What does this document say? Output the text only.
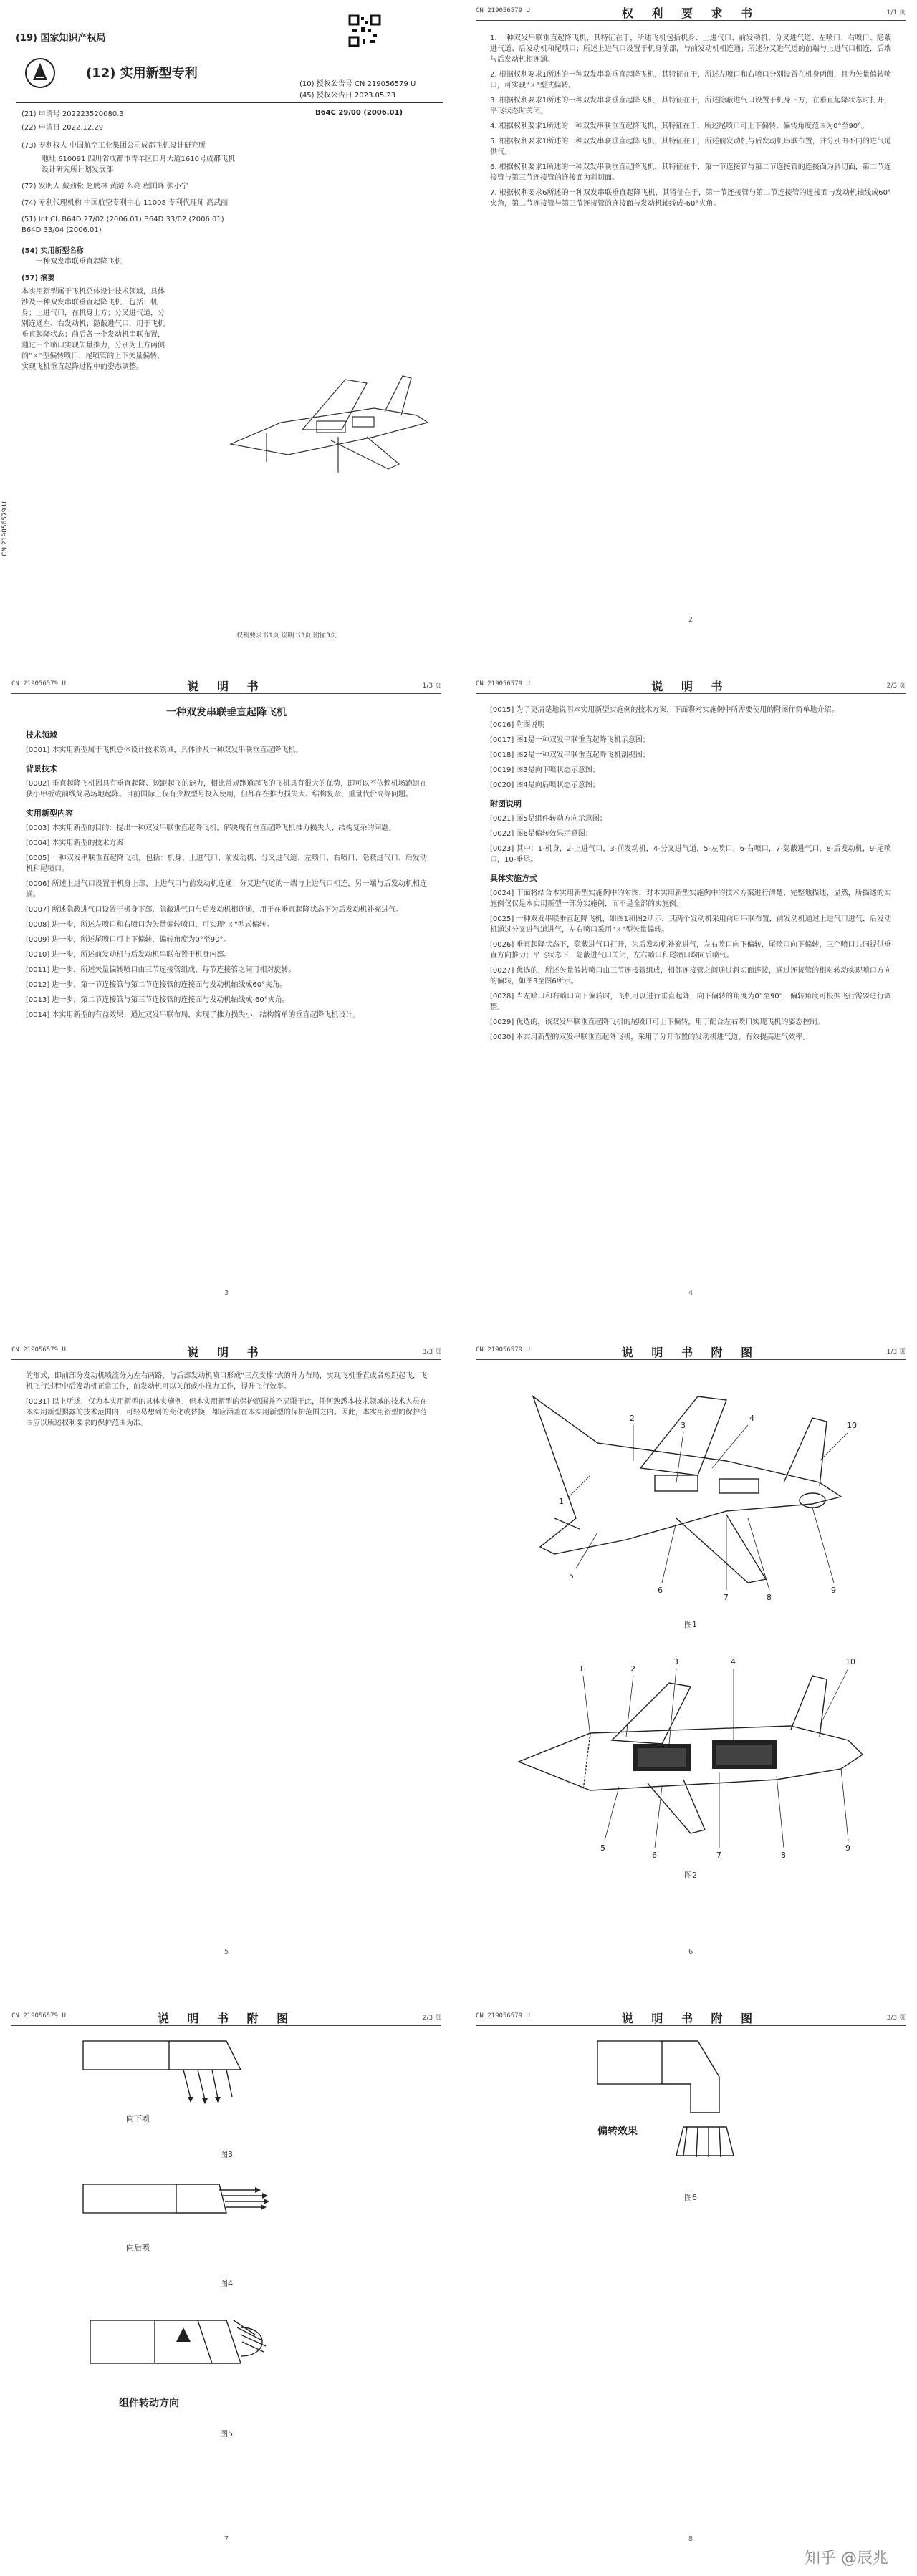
(19) 国家知识产权局
(12) 实用新型专利
(10) 授权公告号 CN 219056579 U
(45) 授权公告日 2023.05.23
B64C 29/00 (2006.01)
(21) 申请号 202223520080.3
(22) 申请日 2022.12.29
(73) 专利权人 中国航空工业集团公司成都飞机设计研究所
地址 610091 四川省成都市青羊区日月大道1610号成都飞机设计研究所计划发展部
(72) 发明人 戴劲松 赵鹏林 黄游 么亮 程国峰 张小宁
(74) 专利代理机构 中国航空专利中心 11008 专利代理师 高武丽
(51) Int.Cl. B64D 27/02 (2006.01) B64D 33/02 (2006.01) B64D 33/04 (2006.01)
(54) 实用新型名称
一种双发串联垂直起降飞机
(57) 摘要
本实用新型属于飞机总体设计技术领域，具体涉及一种双发串联垂直起降飞机，包括：机身；上进气口，在机身上方；分叉进气道，分别连通左、右发动机；隐蔽进气口，用于飞机垂直起降状态；前后各一个发动机串联布置，通过三个喷口实现矢量推力，分别为上方两侧的"ㄨ"型偏转喷口、尾喷管的上下矢量偏转，实现飞机垂直起降过程中的姿态调整。
权利要求书1页 说明书3页 附图3页
CN 219056579 U
CN 219056579 U	权 利 要 求 书	1/1 页

1. 一种双发串联垂直起降飞机，其特征在于，所述飞机包括机身、上进气口、前发动机、分叉进气道、左喷口、右喷口、隐蔽进气道、后发动机和尾喷口；所述上进气口设置于机身前部，与前发动机相连通；所述分叉进气道的前端与上进气口相连，后端与后发动机相连通。

2. 根据权利要求1所述的一种双发串联垂直起降飞机，其特征在于，所述左喷口和右喷口分别设置在机身两侧，且为矢量偏转喷口，可实现"ㄨ"型式偏转。

3. 根据权利要求1所述的一种双发串联垂直起降飞机，其特征在于，所述隐蔽进气口设置于机身下方，在垂直起降状态时打开，平飞状态时关闭。

4. 根据权利要求1所述的一种双发串联垂直起降飞机，其特征在于，所述尾喷口可上下偏转，偏转角度范围为0°至90°。

5. 根据权利要求1所述的一种双发串联垂直起降飞机，其特征在于，所述前发动机与后发动机串联布置，并分别由不同的进气道供气。

6. 根据权利要求1所述的一种双发串联垂直起降飞机，其特征在于，第一节连接管与第二节连接管的连接面为斜切面，第二节连接管与第三节连接管的连接面为斜切面。

7. 根据权利要求6所述的一种双发串联垂直起降飞机，其特征在于，第一节连接管与第二节连接管的连接面与发动机轴线成60°夹角，第二节连接管与第三节连接管的连接面与发动机轴线成-60°夹角。

2
CN 219056579 U	说 明 书	1/3 页
一种双发串联垂直起降飞机
技术领域

[0001] 本实用新型属于飞机总体设计技术领域，具体涉及一种双发串联垂直起降飞机。

背景技术

[0002] 垂直起降飞机因具有垂直起降、短距起飞的能力，相比常规跑道起飞的飞机具有很大的优势，即可以不依赖机场跑道在狭小甲板或前线简易场地起降。目前国际上仅有少数型号投入使用，但都存在推力损失大、结构复杂、重量代价高等问题。

实用新型内容

[0003] 本实用新型的目的：提出一种双发串联垂直起降飞机，解决现有垂直起降飞机推力损失大、结构复杂的问题。

[0004] 本实用新型的技术方案：

[0005] 一种双发串联垂直起降飞机，包括：机身、上进气口、前发动机、分叉进气道、左喷口、右喷口、隐蔽进气口、后发动机和尾喷口。

[0006] 所述上进气口设置于机身上部，上进气口与前发动机连通；分叉进气道的一端与上进气口相连，另一端与后发动机相连通。

[0007] 所述隐蔽进气口设置于机身下部，隐蔽进气口与后发动机相连通，用于在垂直起降状态下为后发动机补充进气。

[0008] 进一步，所述左喷口和右喷口为矢量偏转喷口，可实现"ㄨ"型式偏转。

[0009] 进一步，所述尾喷口可上下偏转，偏转角度为0°至90°。

[0010] 进一步，所述前发动机与后发动机串联布置于机身内部。

[0011] 进一步，所述矢量偏转喷口由三节连接管组成，每节连接管之间可相对旋转。

[0012] 进一步，第一节连接管与第二节连接管的连接面与发动机轴线成60°夹角。

[0013] 进一步，第二节连接管与第三节连接管的连接面与发动机轴线成-60°夹角。

[0014] 本实用新型的有益效果：通过双发串联布局，实现了推力损失小、结构简单的垂直起降飞机设计。

3
CN 219056579 U	说 明 书	2/3 页

[0015] 为了更清楚地说明本实用新型实施例的技术方案，下面将对实施例中所需要使用的附图作简单地介绍。

[0016] 附图说明

[0017] 图1是一种双发串联垂直起降飞机示意图；

[0018] 图2是一种双发串联垂直起降飞机剖视图；

[0019] 图3是向下喷状态示意图；

[0020] 图4是向后喷状态示意图；

附图说明

[0021] 图5是组件转动方向示意图；

[0022] 图6是偏转效果示意图；

[0023] 其中：1-机身，2-上进气口，3-前发动机，4-分叉进气道，5-左喷口，6-右喷口，7-隐蔽进气口，8-后发动机，9-尾喷口，10-垂尾。

具体实施方式

[0024] 下面将结合本实用新型实施例中的附图，对本实用新型实施例中的技术方案进行清楚、完整地描述，显然，所描述的实施例仅仅是本实用新型一部分实施例，而不是全部的实施例。

[0025] 一种双发串联垂直起降飞机，如图1和图2所示，其两个发动机采用前后串联布置，前发动机通过上进气口进气，后发动机通过分叉进气道进气，左右喷口采用"ㄨ"型矢量偏转。

[0026] 垂直起降状态下，隐蔽进气口打开，为后发动机补充进气，左右喷口向下偏转，尾喷口向下偏转，三个喷口共同提供垂直方向推力；平飞状态下，隐蔽进气口关闭，左右喷口和尾喷口均向后喷气。

[0027] 优选的，所述矢量偏转喷口由三节连接管组成，相邻连接管之间通过斜切面连接，通过连接管的相对转动实现喷口方向的偏转，如图3至图6所示。

[0028] 当左喷口和右喷口向下偏转时，飞机可以进行垂直起降，向下偏转的角度为0°至90°，偏转角度可根据飞行需要进行调整。

[0029] 优选的，该双发串联垂直起降飞机的尾喷口可上下偏转，用于配合左右喷口实现飞机的姿态控制。

[0030] 本实用新型的双发串联垂直起降飞机，采用了分开布置的发动机进气道，有效提高进气效率。

4
CN 219056579 U	说 明 书	3/3 页

的形式，即前部分发动机喷流分为左右两路，与后部发动机喷口形成"三点支撑"式的升力布局，实现飞机垂直或者短距起飞，飞机飞行过程中后发动机正常工作，前发动机可以关闭或小推力工作，提升飞行效率。

[0031] 以上所述，仅为本实用新型的具体实施例，但本实用新型的保护范围并不局限于此，任何熟悉本技术领域的技术人员在本实用新型揭露的技术范围内，可轻易想到的变化或替换，都应涵盖在本实用新型的保护范围之内。因此，本实用新型的保护范围应以所述权利要求的保护范围为准。

5
CN 219056579 U	说 明 书 附 图	1/3 页
1
2
3
4
5
6
7	8
9
10
图1
1	2
3	4
5
6	7	8
9
10
图2
6
CN 219056579 U	说 明 书 附 图	2/3 页
向下喷
图3
向后喷
图4
组件转动方向
图5
7
CN 219056579 U	说 明 书 附 图	3/3 页
偏转效果
图6
8
知乎 @辰兆
